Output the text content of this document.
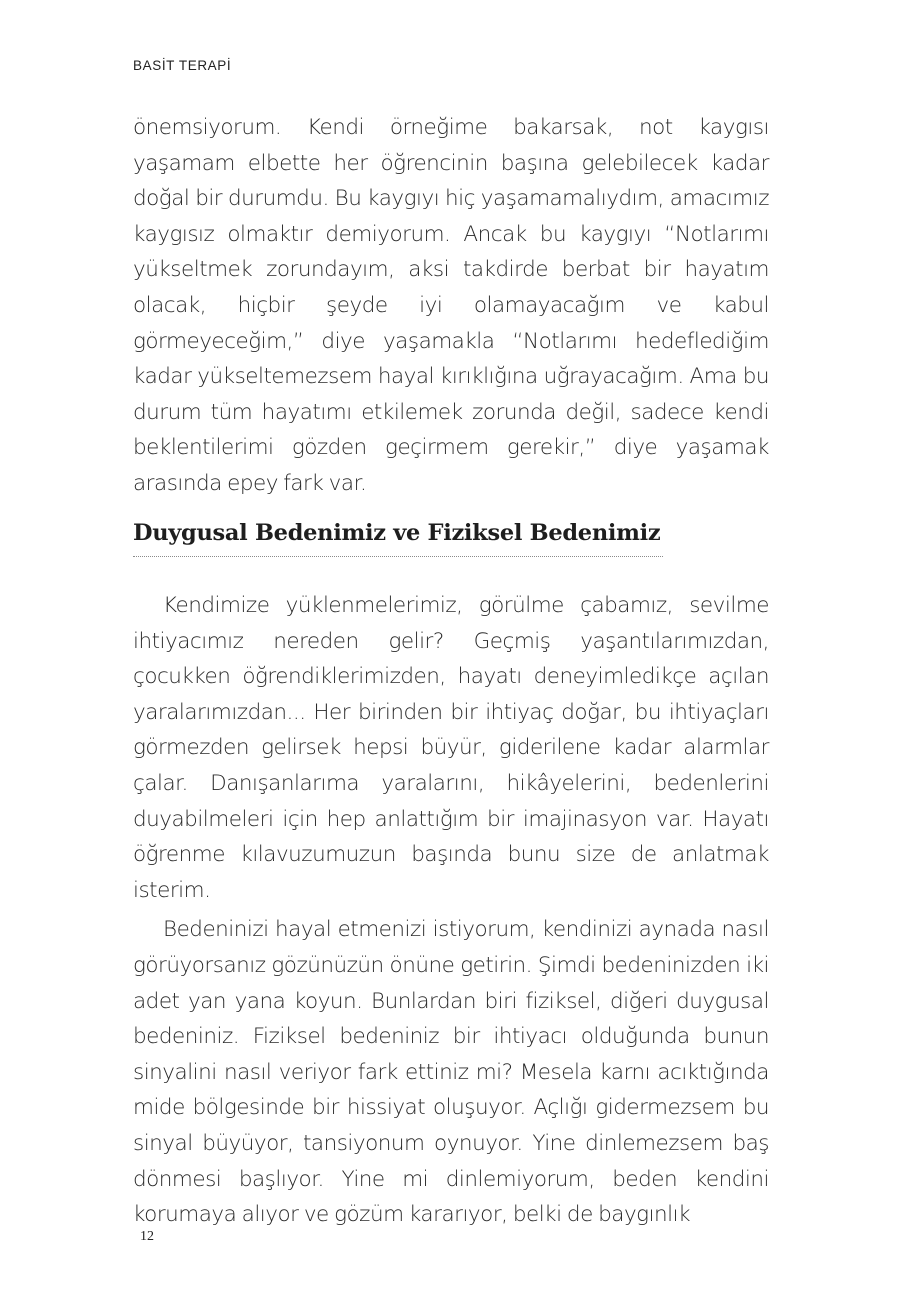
BASİT TERAPİ

önemsiyorum. Kendi örneğime bakarsak, not kaygısı yaşamam elbette her öğrencinin başına gelebilecek kadar doğal bir durumdu. Bu kaygıyı hiç yaşamamalıydım, amacımız kaygısız olmaktır demiyorum. Ancak bu kaygıyı “Notlarımı yükseltmek zorundayım, aksi takdirde berbat bir hayatım olacak, hiçbir şeyde iyi olamayacağım ve kabul görmeyeceğim,” diye yaşamakla “Notlarımı hedeflediğim kadar yükseltemezsem hayal kırıklığına uğrayacağım. Ama bu durum tüm hayatımı etkilemek zorunda değil, sadece kendi beklentilerimi gözden geçirmem gerekir,” diye yaşamak arasında epey fark var.

Duygusal Bedenimiz ve Fiziksel Bedenimiz

Kendimize yüklenmelerimiz, görülme çabamız, sevilme ihtiyacımız nereden gelir? Geçmiş yaşantılarımızdan, çocukken öğrendiklerimizden, hayatı deneyimledikçe açılan yaralarımızdan... Her birinden bir ihtiyaç doğar, bu ihtiyaçları görmezden gelirsek hepsi büyür, giderilene kadar alarmlar çalar. Danışanlarıma yaralarını, hikâyelerini, bedenlerini duyabilmeleri için hep anlattığım bir imajinasyon var. Hayatı öğrenme kılavuzumuzun başında bunu size de anlatmak isterim.

Bedeninizi hayal etmenizi istiyorum, kendinizi aynada nasıl görüyorsanız gözünüzün önüne getirin. Şimdi bedeninizden iki adet yan yana koyun. Bunlardan biri fiziksel, diğeri duygusal bedeniniz. Fiziksel bedeniniz bir ihtiyacı olduğunda bunun sinyalini nasıl veriyor fark ettiniz mi? Mesela karnı acıktığında mide bölgesinde bir hissiyat oluşuyor. Açlığı gidermezsem bu sinyal büyüyor, tansiyonum oynuyor. Yine dinlemezsem baş dönmesi başlıyor. Yine mi dinlemiyorum, beden kendini korumaya alıyor ve gözüm kararıyor, belki de baygınlık

12
